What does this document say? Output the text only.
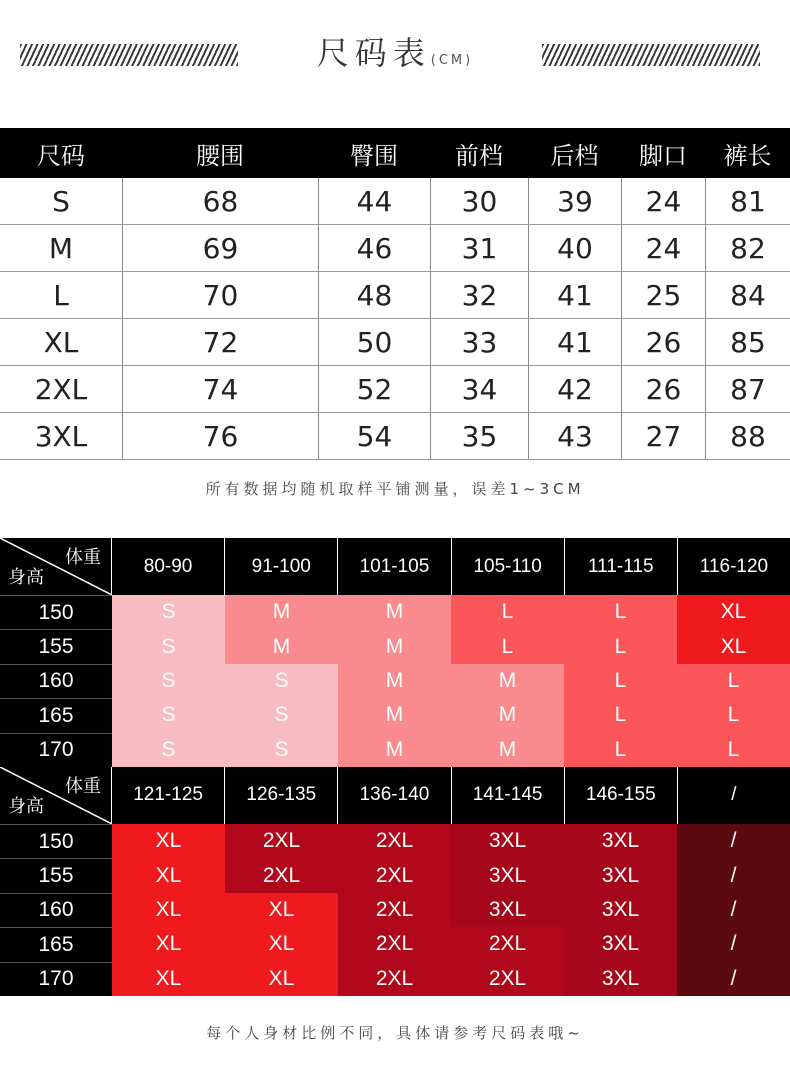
尺码表(CM)
尺码	腰围	臀围	前档	后档	脚口	裤长
S	68	44	30	39	24	81
M	69	46	31	40	24	82
L	70	48	32	41	25	84
XL	72	50	33	41	26	85
2XL	74	52	34	42	26	87
3XL	76	54	35	43	27	88
所有数据均随机取样平铺测量，误差1~3CM
体重
身高
80-90	91-100	101-105	105-110	111-115	116-120
150	S	M	M	L	L	XL
155	S	M	M	L	L	XL
160	S	S	M	M	L	L
165	S	S	M	M	L	L
170	S	S	M	M	L	L
体重
身高
121-125	126-135	136-140	141-145	146-155	/
150	XL	2XL	2XL	3XL	3XL	/
155	XL	2XL	2XL	3XL	3XL	/
160	XL	XL	2XL	3XL	3XL	/
165	XL	XL	2XL	2XL	3XL	/
170	XL	XL	2XL	2XL	3XL	/
每个人身材比例不同，具体请参考尺码表哦~
